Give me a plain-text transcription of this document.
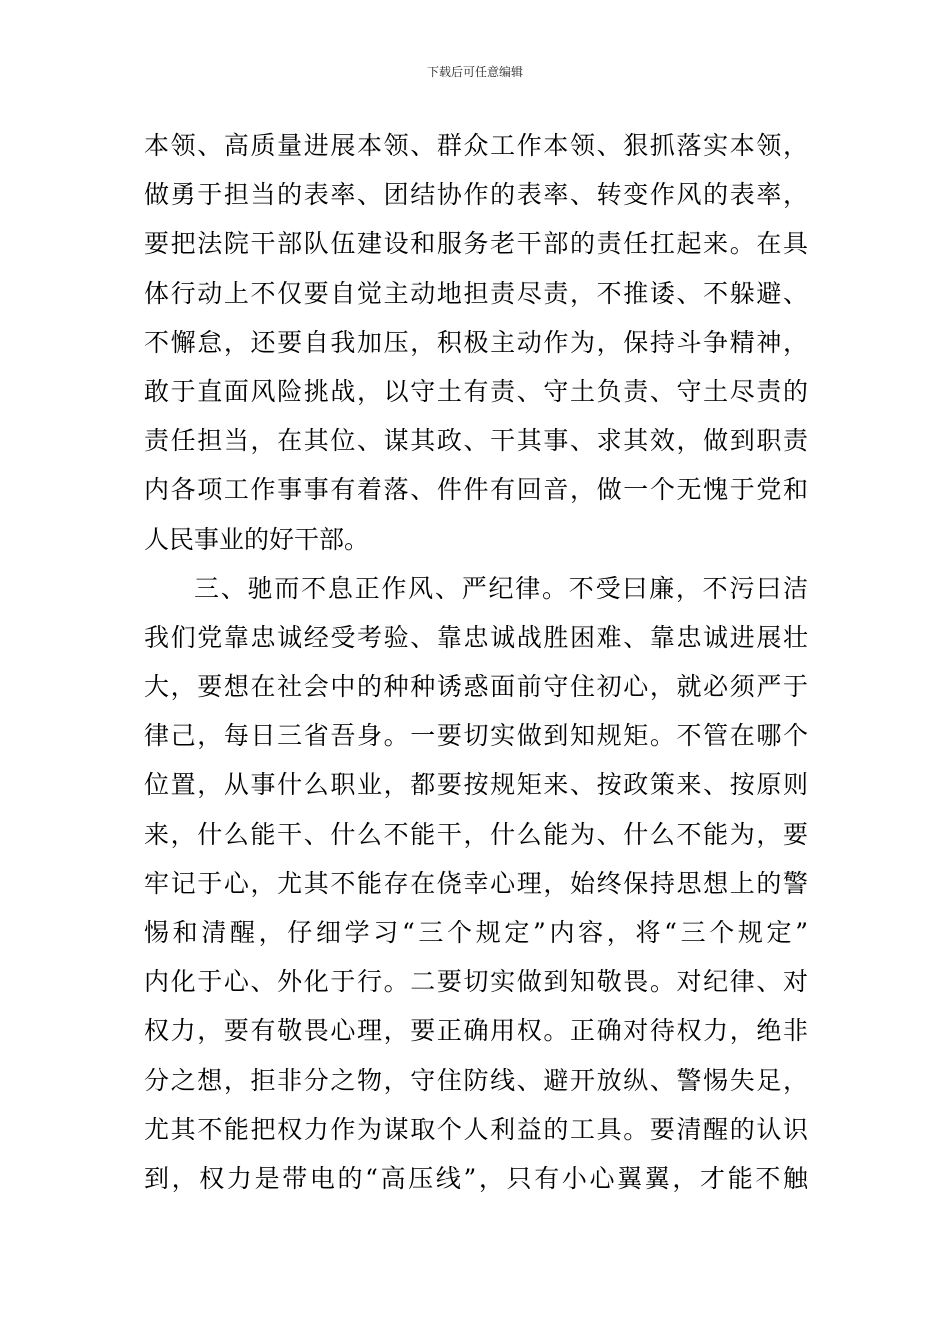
下载后可任意编辑
本领、高质量进展本领、群众工作本领、狠抓落实本领，
做勇于担当的表率、团结协作的表率、转变作风的表率，
要把法院干部队伍建设和服务老干部的责任扛起来。在具
体行动上不仅要自觉主动地担责尽责，不推诿、不躲避、
不懈怠，还要自我加压，积极主动作为，保持斗争精神，
敢于直面风险挑战，以守土有责、守土负责、守土尽责的
责任担当，在其位、谋其政、干其事、求其效，做到职责
内各项工作事事有着落、件件有回音，做一个无愧于党和
人民事业的好干部。
三、驰而不息正作风、严纪律。不受曰廉，不污曰洁
我们党靠忠诚经受考验、靠忠诚战胜困难、靠忠诚进展壮
大，要想在社会中的种种诱惑面前守住初心，就必须严于
律己，每日三省吾身。一要切实做到知规矩。不管在哪个
位置，从事什么职业，都要按规矩来、按政策来、按原则
来，什么能干、什么不能干，什么能为、什么不能为，要
牢记于心，尤其不能存在侥幸心理，始终保持思想上的警
惕和清醒，仔细学习“三个规定”内容，将“三个规定”
内化于心、外化于行。二要切实做到知敬畏。对纪律、对
权力，要有敬畏心理，要正确用权。正确对待权力，绝非
分之想，拒非分之物，守住防线、避开放纵、警惕失足，
尤其不能把权力作为谋取个人利益的工具。要清醒的认识
到，权力是带电的“高压线”，只有小心翼翼，才能不触
